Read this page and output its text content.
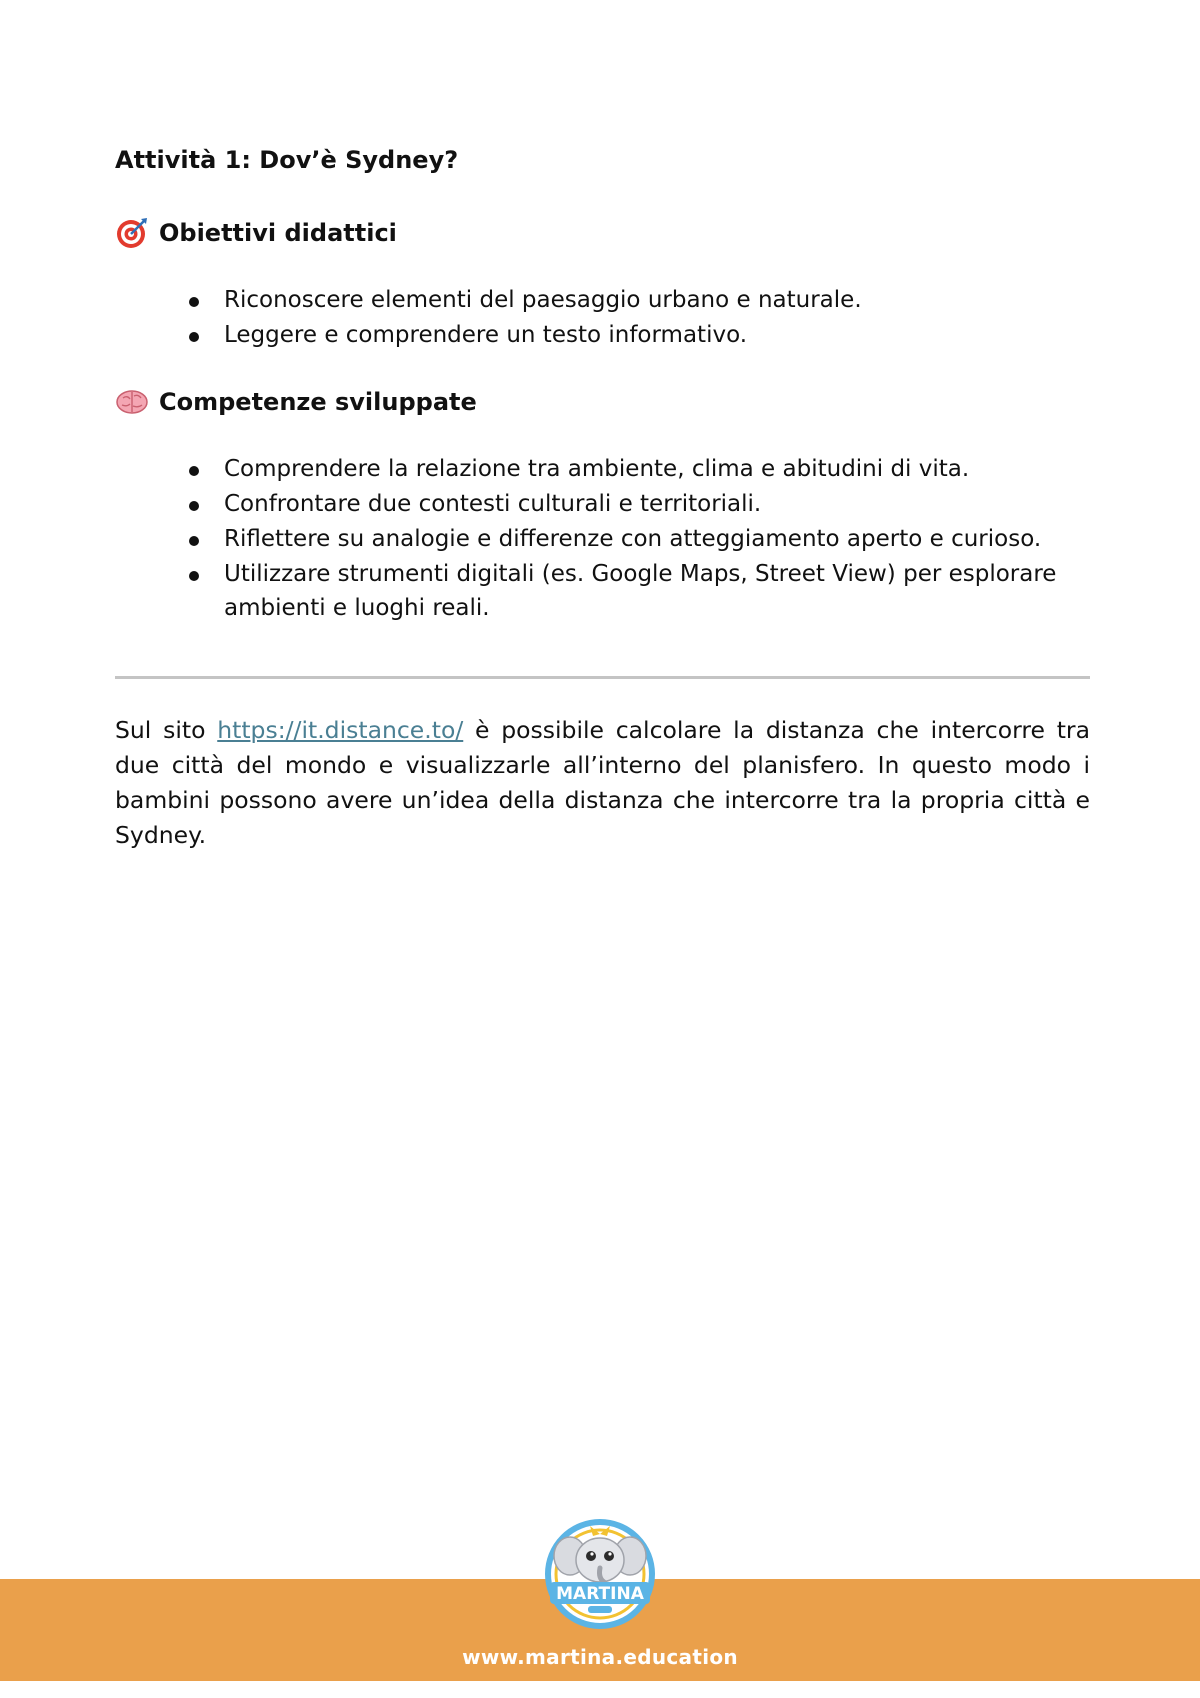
Attività 1: Dov’è Sydney?
Obiettivi didattici
Riconoscere elementi del paesaggio urbano e naturale.
Leggere e comprendere un testo informativo.
Competenze sviluppate
Comprendere la relazione tra ambiente, clima e abitudini di vita.
Confrontare due contesti culturali e territoriali.
Riflettere su analogie e differenze con atteggiamento aperto e curioso.
Utilizzare strumenti digitali (es. Google Maps, Street View) per esplorare ambienti e luoghi reali.

Sul sito https://it.distance.to/ è possibile calcolare la distanza che intercorre tra due città del mondo e visualizzarle all’interno del planisfero. In questo modo i bambini possono avere un’idea della distanza che intercorre tra la propria città e Sydney.

MARTINA
www.martina.education
